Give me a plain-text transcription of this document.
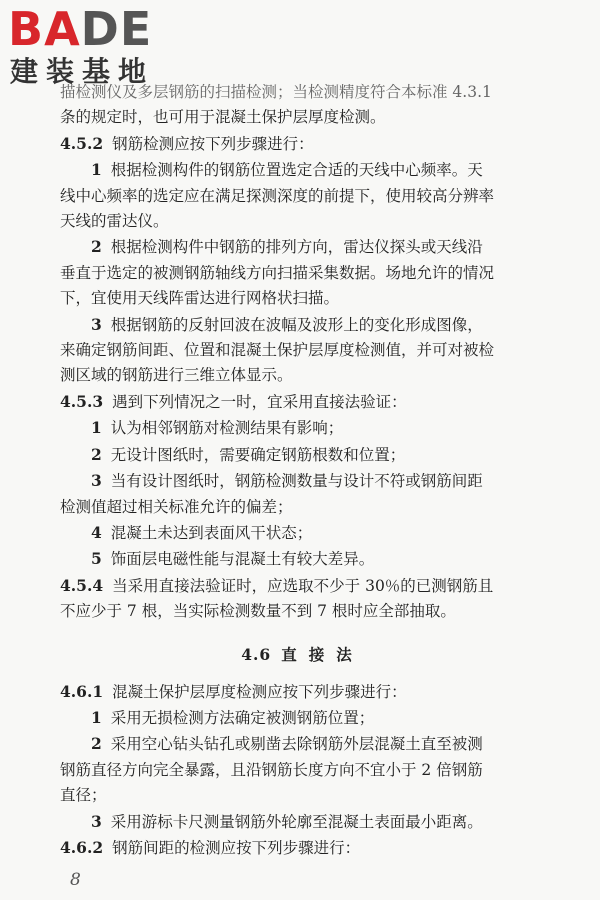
BADE
建装基地
描检测仪及多层钢筋的扫描检测；当检测精度符合本标准 4.3.1
条的规定时，也可用于混凝土保护层厚度检测。
4.5.2 钢筋检测应按下列步骤进行：
1 根据检测构件的钢筋位置选定合适的天线中心频率。天
线中心频率的选定应在满足探测深度的前提下，使用较高分辨率
天线的雷达仪。
2 根据检测构件中钢筋的排列方向，雷达仪探头或天线沿
垂直于选定的被测钢筋轴线方向扫描采集数据。场地允许的情况
下，宜使用天线阵雷达进行网格状扫描。
3 根据钢筋的反射回波在波幅及波形上的变化形成图像，
来确定钢筋间距、位置和混凝土保护层厚度检测值，并可对被检
测区域的钢筋进行三维立体显示。
4.5.3 遇到下列情况之一时，宜采用直接法验证：
1 认为相邻钢筋对检测结果有影响；
2 无设计图纸时，需要确定钢筋根数和位置；
3 当有设计图纸时，钢筋检测数量与设计不符或钢筋间距
检测值超过相关标准允许的偏差；
4 混凝土未达到表面风干状态；
5 饰面层电磁性能与混凝土有较大差异。
4.5.4 当采用直接法验证时，应选取不少于 30％的已测钢筋且
不应少于 7 根，当实际检测数量不到 7 根时应全部抽取。
4.6 直接法
4.6.1 混凝土保护层厚度检测应按下列步骤进行：
1 采用无损检测方法确定被测钢筋位置；
2 采用空心钻头钻孔或剔凿去除钢筋外层混凝土直至被测
钢筋直径方向完全暴露，且沿钢筋长度方向不宜小于 2 倍钢筋
直径；
3 采用游标卡尺测量钢筋外轮廓至混凝土表面最小距离。
4.6.2 钢筋间距的检测应按下列步骤进行：
8
